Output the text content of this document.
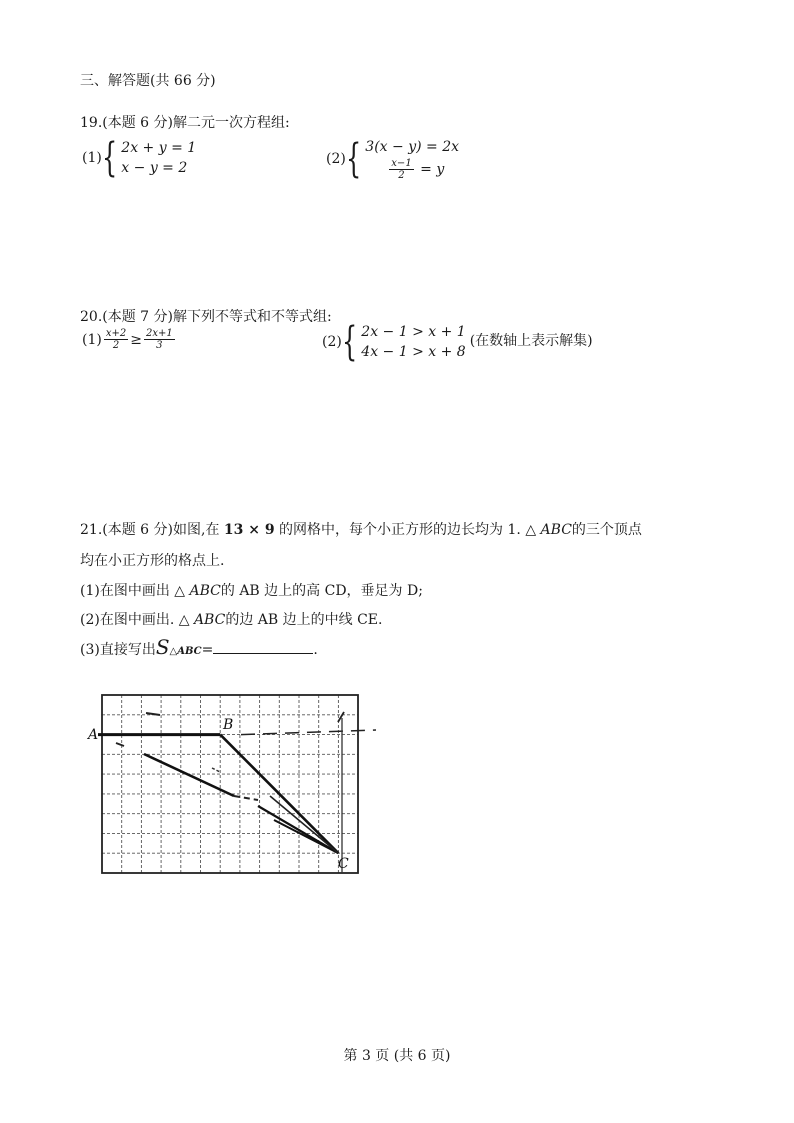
三、解答题(共 66 分)
19.(本题 6 分)解二元一次方程组:
(1) { 2x + y = 1
x − y = 2
(2) { 3(x − y) = 2x
$\frac{x-1}{2} = y$
20.(本题 7 分)解下列不等式和不等式组:
$(1) \frac{x+2}{2} \ge \frac{2x+1}{3}$	(2) { 2x − 1 > x + 1
4x − 1 > x + 8
(在数轴上表示解集)
21.(本题 6 分)如图,在 13 × 9 的网格中，每个小正方形的边长均为 1. △ ABC的三个顶点
均在小正方形的格点上.
(1)在图中画出 △ ABC的 AB 边上的高 CD，垂足为 D;
(2)在图中画出. △ ABC的边 AB 边上的中线 CE.
(3)直接写出S△ABC=	.
A
B
C
第 3 页 (共 6 页)
